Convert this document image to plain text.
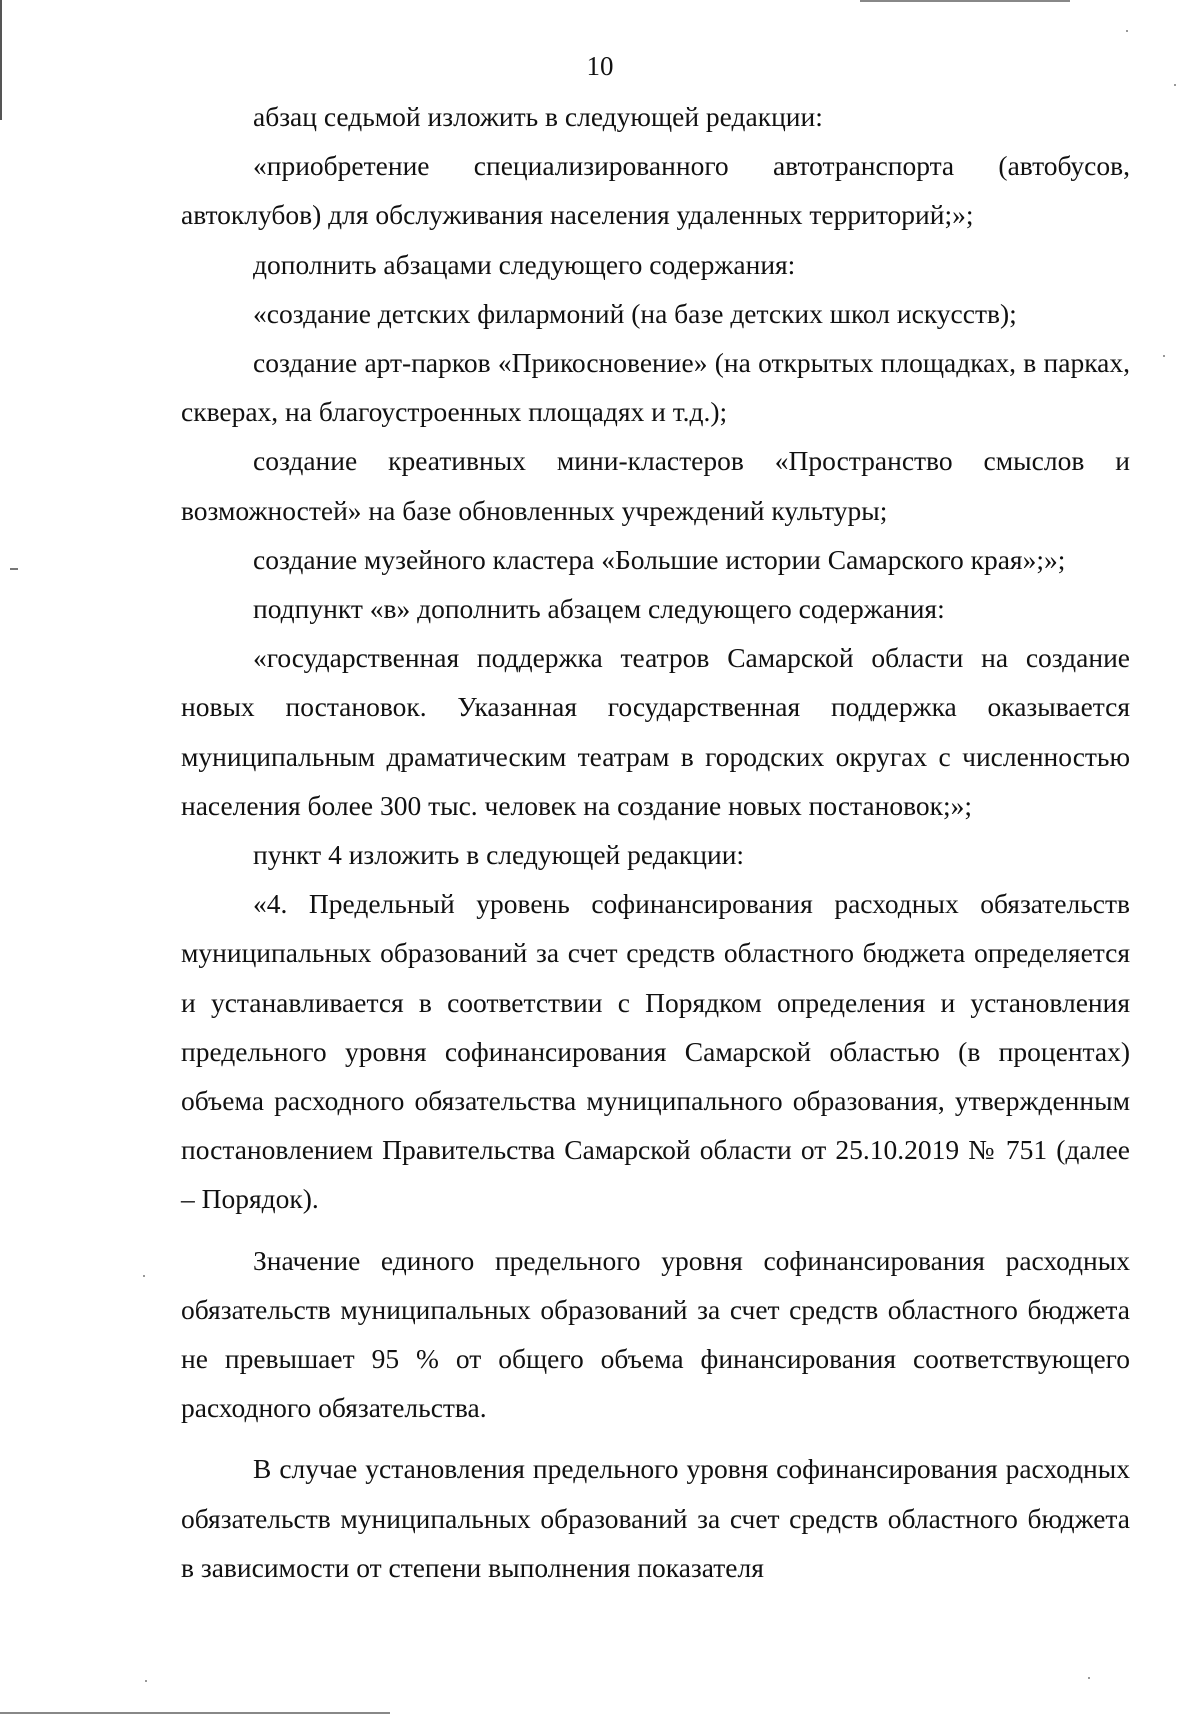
10

абзац седьмой изложить в следующей редакции:

«приобретение специализированного автотранспорта (автобусов, автоклубов) для обслуживания населения удаленных территорий;»;

дополнить абзацами следующего содержания:

«создание детских филармоний (на базе детских школ искусств);

создание арт-парков «Прикосновение» (на открытых площадках, в парках, скверах, на благоустроенных площадях и т.д.);

создание креативных мини-кластеров «Пространство смыслов и возможностей» на базе обновленных учреждений культуры;

создание музейного кластера «Большие истории Самарского края»;»;

подпункт «в» дополнить абзацем следующего содержания:

«государственная поддержка театров Самарской области на создание новых постановок. Указанная государственная поддержка оказывается муниципальным драматическим театрам в городских округах с численностью населения более 300 тыс. человек на создание новых постановок;»;

пункт 4 изложить в следующей редакции:

«4. Предельный уровень софинансирования расходных обязательств муниципальных образований за счет средств областного бюджета определяется и устанавливается в соответствии с Порядком определения и установления предельного уровня софинансирования Самарской областью (в процентах) объема расходного обязательства муниципального образования, утвержденным постановлением Правительства Самарской области от 25.10.2019 № 751 (далее – Порядок).

Значение единого предельного уровня софинансирования расходных обязательств муниципальных образований за счет средств областного бюджета не превышает 95 % от общего объема финансирования соответствующего расходного обязательства.

В случае установления предельного уровня софинансирования расходных обязательств муниципальных образований за счет средств областного бюджета в зависимости от степени выполнения показателя
